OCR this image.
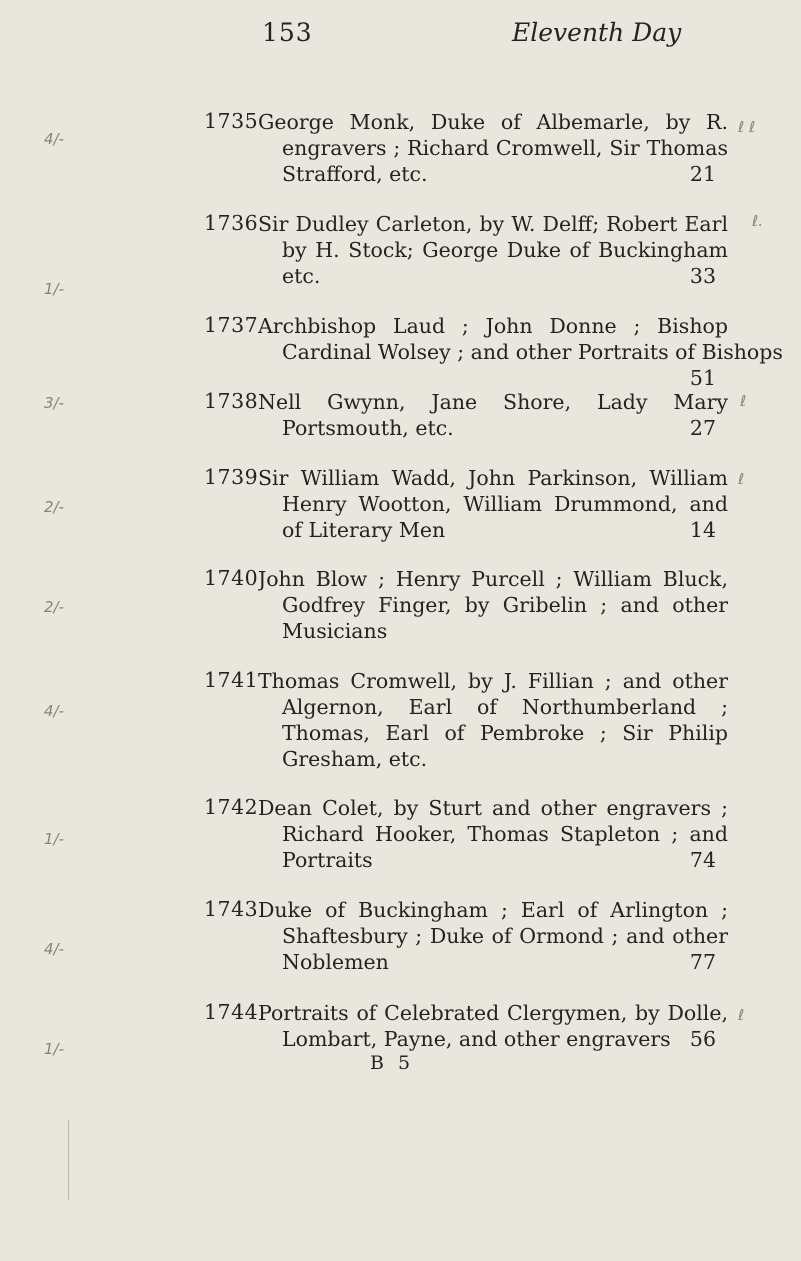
153	Eleventh Day
1735 George Monk, Duke of Albemarle, by R.
engravers ; Richard Cromwell, Sir Thomas
Strafford, etc.	21
1736 Sir Dudley Carleton, by W. Delff; Robert Earl
by H. Stock; George Duke of Buckingham
etc.	33
1737 Archbishop Laud ; John Donne ; Bishop
Cardinal Wolsey ; and other Portraits of Bishops
51
1738 Nell Gwynn, Jane Shore, Lady Mary
Portsmouth, etc.	27
1739 Sir William Wadd, John Parkinson, William
Henry Wootton, William Drummond, and
of Literary Men	14
1740 John Blow ; Henry Purcell ; William Bluck,
Godfrey Finger, by Gribelin ; and other
Musicians
1741 Thomas Cromwell, by J. Fillian ; and other
Algernon, Earl of Northumberland ;
Thomas, Earl of Pembroke ; Sir Philip
Gresham, etc.
1742 Dean Colet, by Sturt and other engravers ;
Richard Hooker, Thomas Stapleton ; and
Portraits	74
1743 Duke of Buckingham ; Earl of Arlington ;
Shaftesbury ; Duke of Ormond ; and other
Noblemen	77
1744 Portraits of Celebrated Clergymen, by Dolle,
Lombart, Payne, and other engravers 56
B 5
4/-
ℓ ℓ
1/-
ℓ.
3/-	ℓ
2/-
ℓ
2/-
4/-
1/-
4/-
1/-
ℓ
